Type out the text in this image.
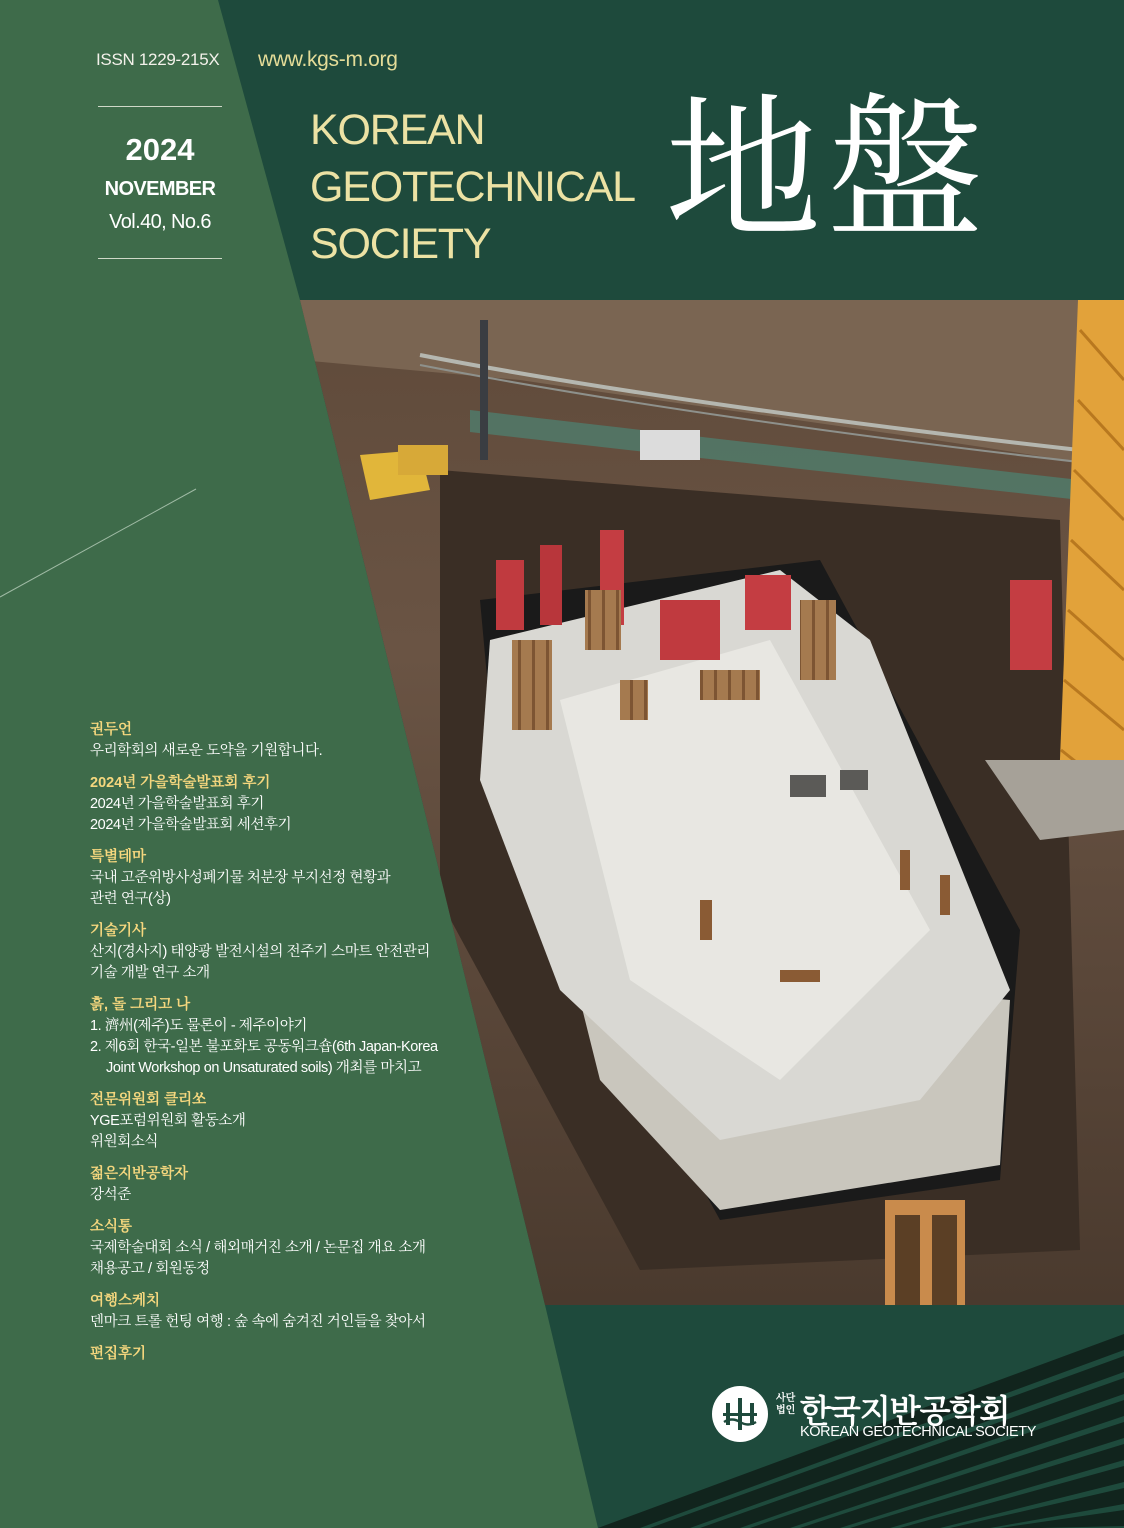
ISSN 1229-215X www.kgs-m.org
2024
NOVEMBER
Vol.40, No.6
KOREAN
GEOTECHNICAL
SOCIETY 地盤
권두언
우리학회의 새로운 도약을 기원합니다.
2024년 가을학술발표회 후기
2024년 가을학술발표회 후기
2024년 가을학술발표회 세션후기
특별테마
국내 고준위방사성폐기물 처분장 부지선정 현황과
관련 연구(상)
기술기사
산지(경사지) 태양광 발전시설의 전주기 스마트 안전관리
기술 개발 연구 소개
흙, 돌 그리고 나
1. 濟州(제주)도 물론이 - 제주이야기
2. 제6회 한국-일본 불포화토 공동워크숍(6th Japan-Korea
Joint Workshop on Unsaturated soils) 개최를 마치고
전문위원회 클리쏘
YGE포럼위원회 활동소개
위원회소식
젊은지반공학자
강석준
소식통
국제학술대회 소식 / 해외매거진 소개 / 논문집 개요 소개
채용공고 / 회원동정
여행스케치
덴마크 트롤 헌팅 여행 : 숲 속에 숨겨진 거인들을 찾아서
편집후기
사단
법인 한국지반공학회
KOREAN GEOTECHNICAL SOCIETY
